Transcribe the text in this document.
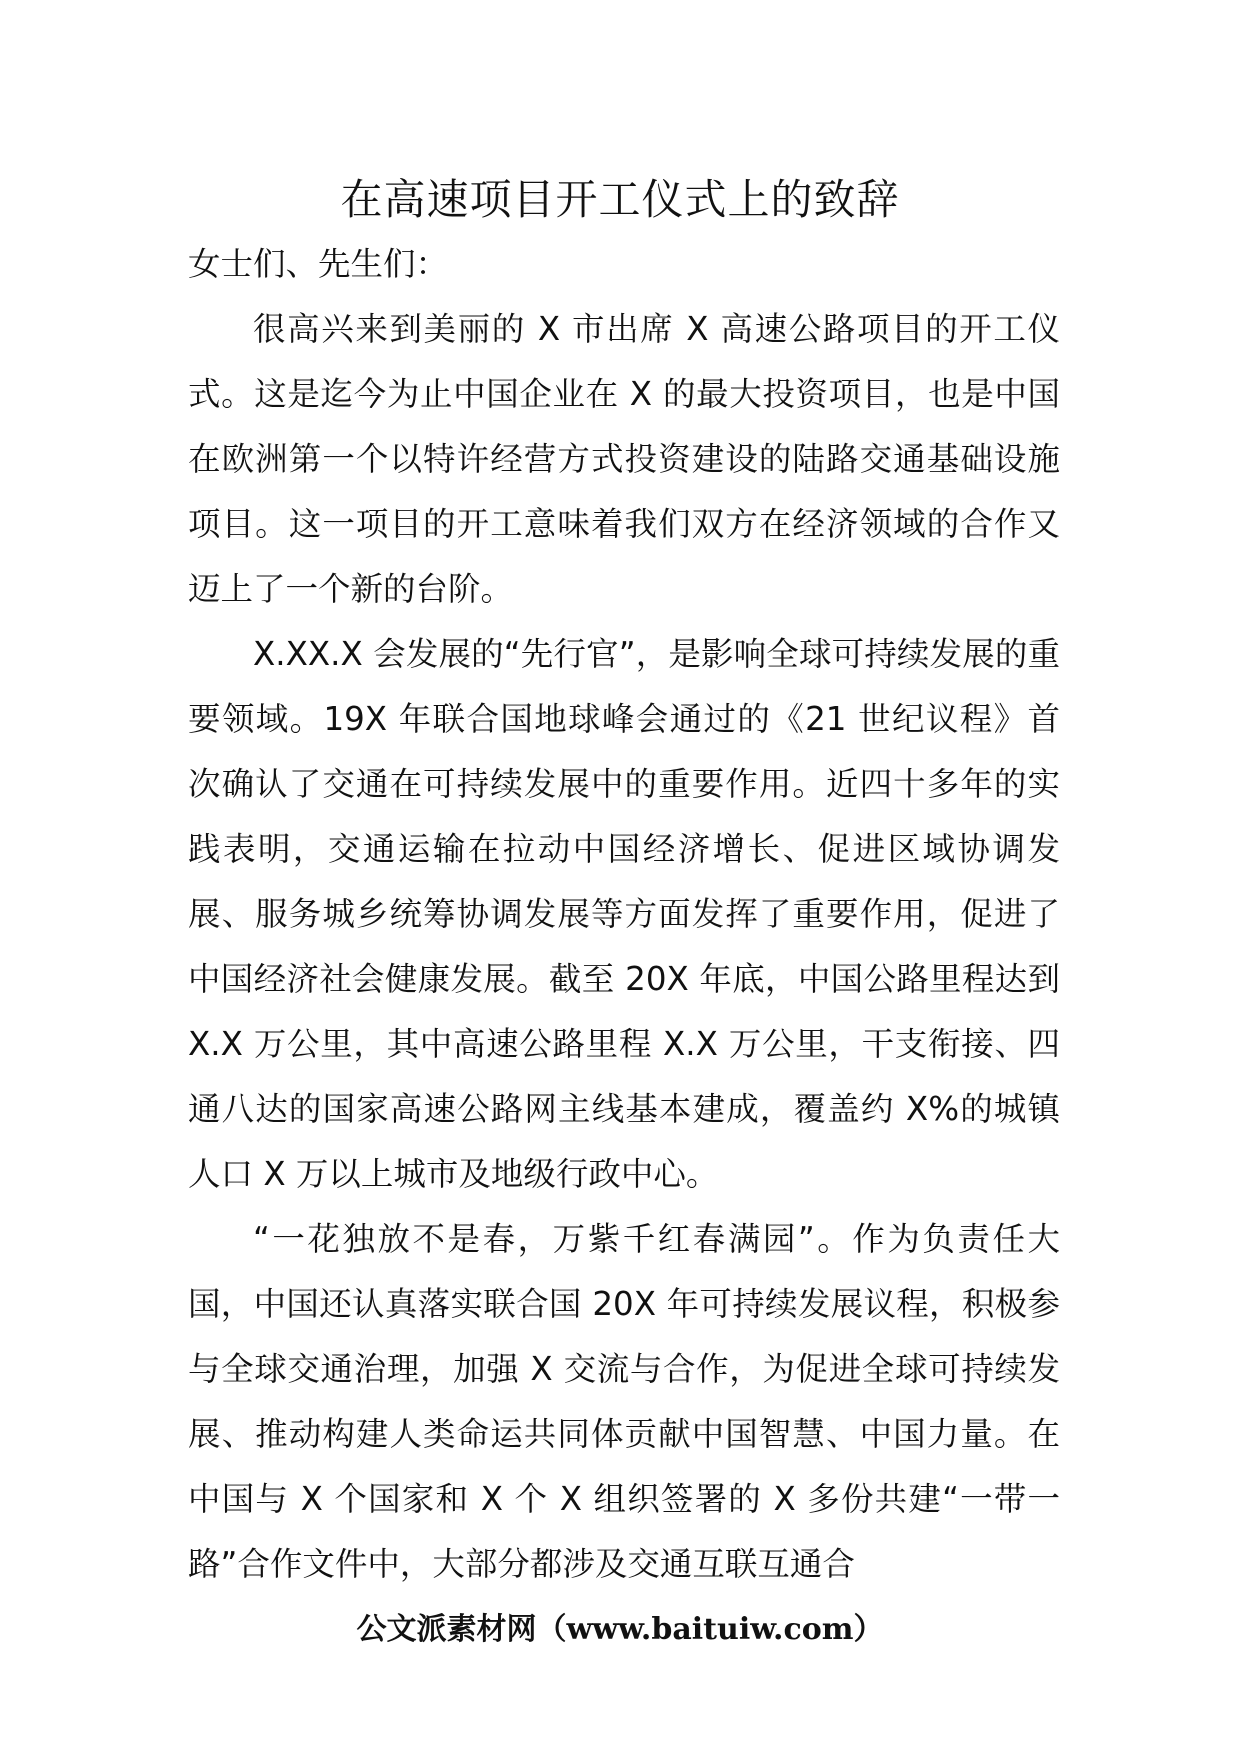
在高速项目开工仪式上的致辞

女士们、先生们：

很高兴来到美丽的 X 市出席 X 高速公路项目的开工仪式。这是迄今为止中国企业在 X 的最大投资项目，也是中国在欧洲第一个以特许经营方式投资建设的陆路交通基础设施项目。这一项目的开工意味着我们双方在经济领域的合作又迈上了一个新的台阶。

X.XX.X 会发展的“先行官”，是影响全球可持续发展的重要领域。19X 年联合国地球峰会通过的《21 世纪议程》首次确认了交通在可持续发展中的重要作用。近四十多年的实践表明，交通运输在拉动中国经济增长、促进区域协调发展、服务城乡统筹协调发展等方面发挥了重要作用，促进了中国经济社会健康发展。截至 20X 年底，中国公路里程达到 X.X 万公里，其中高速公路里程 X.X 万公里，干支衔接、四通八达的国家高速公路网主线基本建成，覆盖约 X%的城镇人口 X 万以上城市及地级行政中心。

“一花独放不是春，万紫千红春满园”。作为负责任大国，中国还认真落实联合国 20X 年可持续发展议程，积极参与全球交通治理，加强 X 交流与合作，为促进全球可持续发展、推动构建人类命运共同体贡献中国智慧、中国力量。在中国与 X 个国家和 X 个 X 组织签署的 X 多份共建“一带一路”合作文件中，大部分都涉及交通互联互通合

公文派素材网（www.baituiw.com）
